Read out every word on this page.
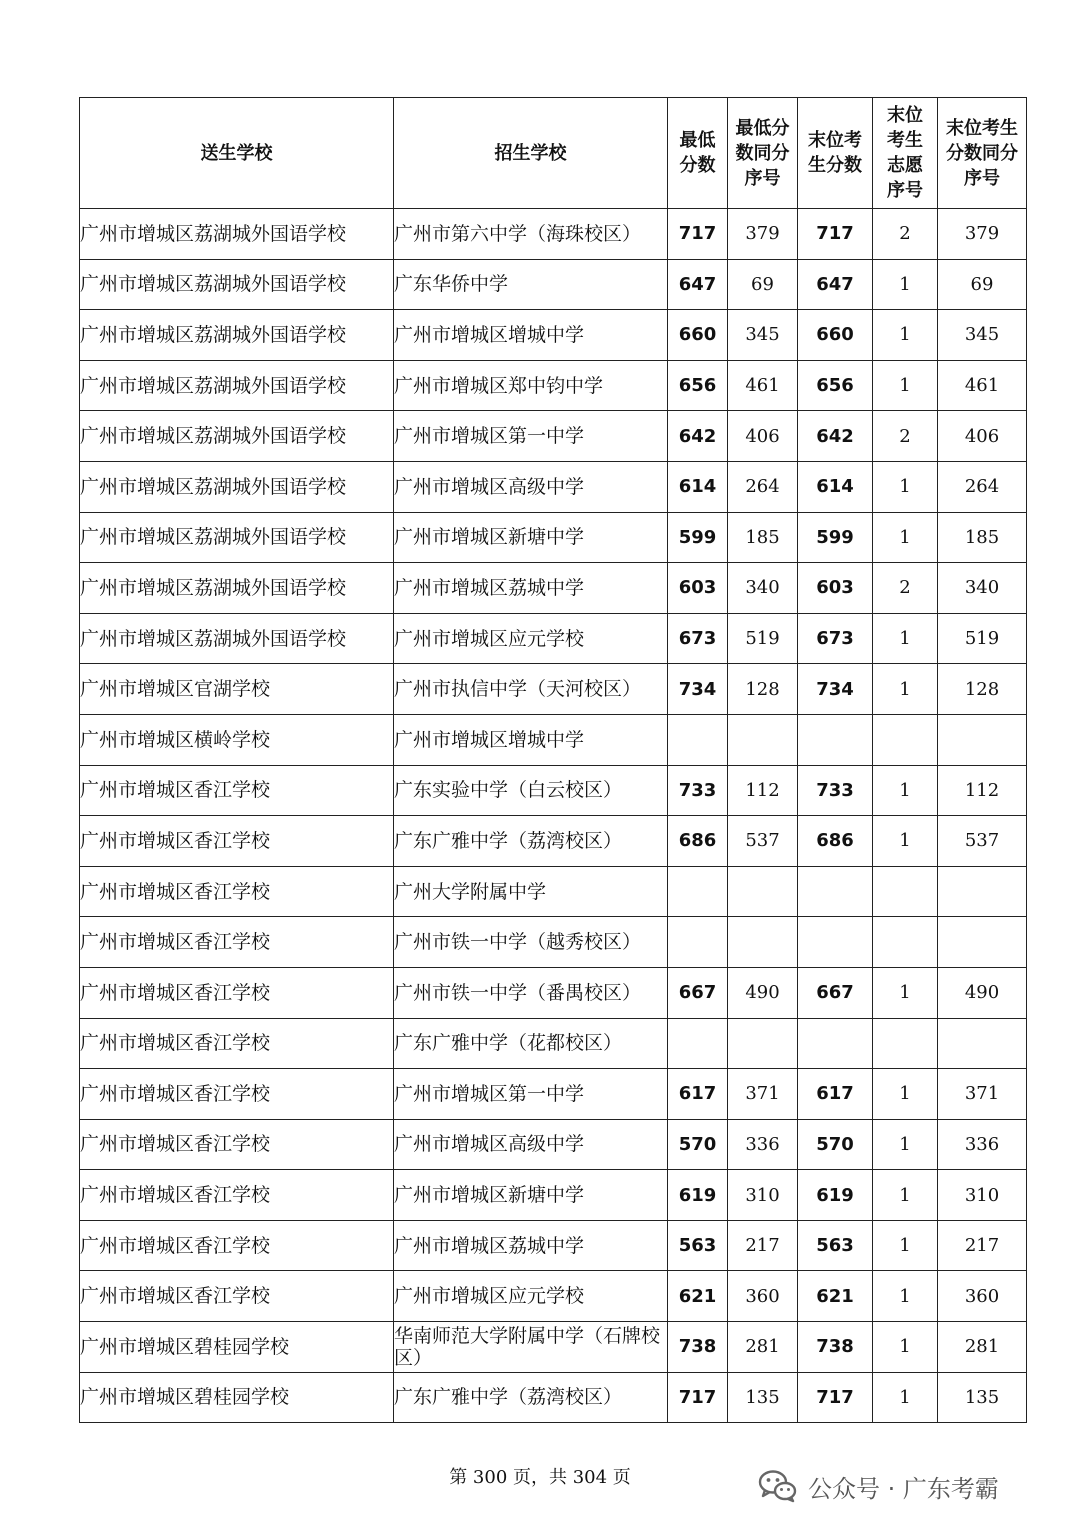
送生学校	招生学校	最低分数	最低分数同分序号	末位考生分数	末位考生志愿序号	末位考生分数同分序号

广州市增城区荔湖城外国语学校	广州市第六中学（海珠校区）	717	379	717	2	379
广州市增城区荔湖城外国语学校	广东华侨中学	647	69	647	1	69
广州市增城区荔湖城外国语学校	广州市增城区增城中学	660	345	660	1	345
广州市增城区荔湖城外国语学校	广州市增城区郑中钧中学	656	461	656	1	461
广州市增城区荔湖城外国语学校	广州市增城区第一中学	642	406	642	2	406
广州市增城区荔湖城外国语学校	广州市增城区高级中学	614	264	614	1	264
广州市增城区荔湖城外国语学校	广州市增城区新塘中学	599	185	599	1	185
广州市增城区荔湖城外国语学校	广州市增城区荔城中学	603	340	603	2	340
广州市增城区荔湖城外国语学校	广州市增城区应元学校	673	519	673	1	519
广州市增城区官湖学校	广州市执信中学（天河校区）	734	128	734	1	128
广州市增城区横岭学校	广州市增城区增城中学					
广州市增城区香江学校	广东实验中学（白云校区）	733	112	733	1	112
广州市增城区香江学校	广东广雅中学（荔湾校区）	686	537	686	1	537
广州市增城区香江学校	广州大学附属中学					
广州市增城区香江学校	广州市铁一中学（越秀校区）					
广州市增城区香江学校	广州市铁一中学（番禺校区）	667	490	667	1	490
广州市增城区香江学校	广东广雅中学（花都校区）					
广州市增城区香江学校	广州市增城区第一中学	617	371	617	1	371
广州市增城区香江学校	广州市增城区高级中学	570	336	570	1	336
广州市增城区香江学校	广州市增城区新塘中学	619	310	619	1	310
广州市增城区香江学校	广州市增城区荔城中学	563	217	563	1	217
广州市增城区香江学校	广州市增城区应元学校	621	360	621	1	360
广州市增城区碧桂园学校	华南师范大学附属中学（石牌校区）	738	281	738	1	281
广州市增城区碧桂园学校	广东广雅中学（荔湾校区）	717	135	717	1	135
第 300 页，共 304 页	公众号 · 广东考霸
